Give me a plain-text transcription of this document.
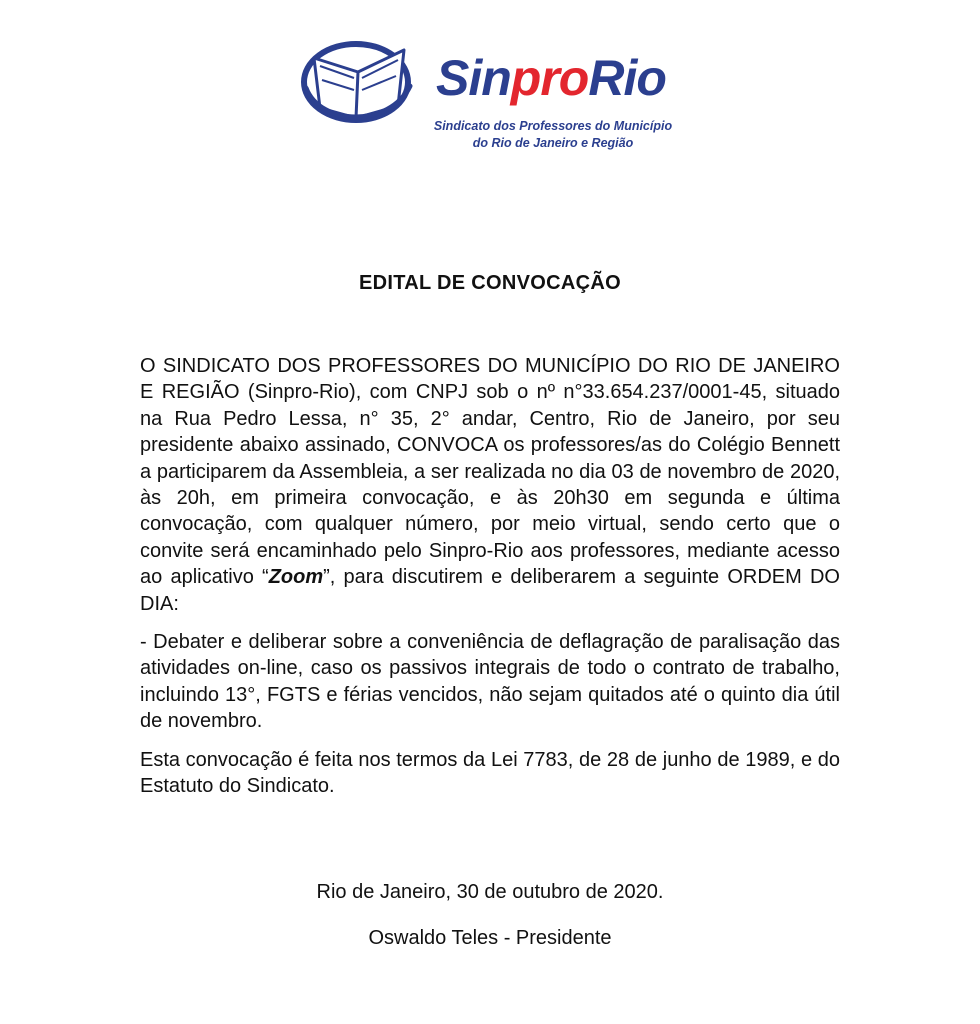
SinproRio
Sindicato dos Professores do Município
do Rio de Janeiro e Região
EDITAL DE CONVOCAÇÃO

O SINDICATO DOS PROFESSORES DO MUNICÍPIO DO RIO DE JANEIRO E REGIÃO (Sinpro-Rio), com CNPJ sob o nº n°33.654.237/0001-45, situado na Rua Pedro Lessa, n° 35, 2° andar, Centro, Rio de Janeiro, por seu presidente abaixo assinado, CONVOCA os professores/as do Colégio Bennett a participarem da Assembleia, a ser realizada no dia 03 de novembro de 2020, às 20h, em primeira convocação, e às 20h30 em segunda e última convocação, com qualquer número, por meio virtual, sendo certo que o convite será encaminhado pelo Sinpro-Rio aos professores, mediante acesso ao aplicativo “Zoom”, para discutirem e deliberarem a seguinte ORDEM DO DIA:

- Debater e deliberar sobre a conveniência de deflagração de paralisação das atividades on-line, caso os passivos integrais de todo o contrato de trabalho, incluindo 13°, FGTS e férias vencidos, não sejam quitados até o quinto dia útil de novembro.

Esta convocação é feita nos termos da Lei 7783, de 28 de junho de 1989, e do Estatuto do Sindicato.

Rio de Janeiro, 30 de outubro de 2020.
Oswaldo Teles - Presidente
